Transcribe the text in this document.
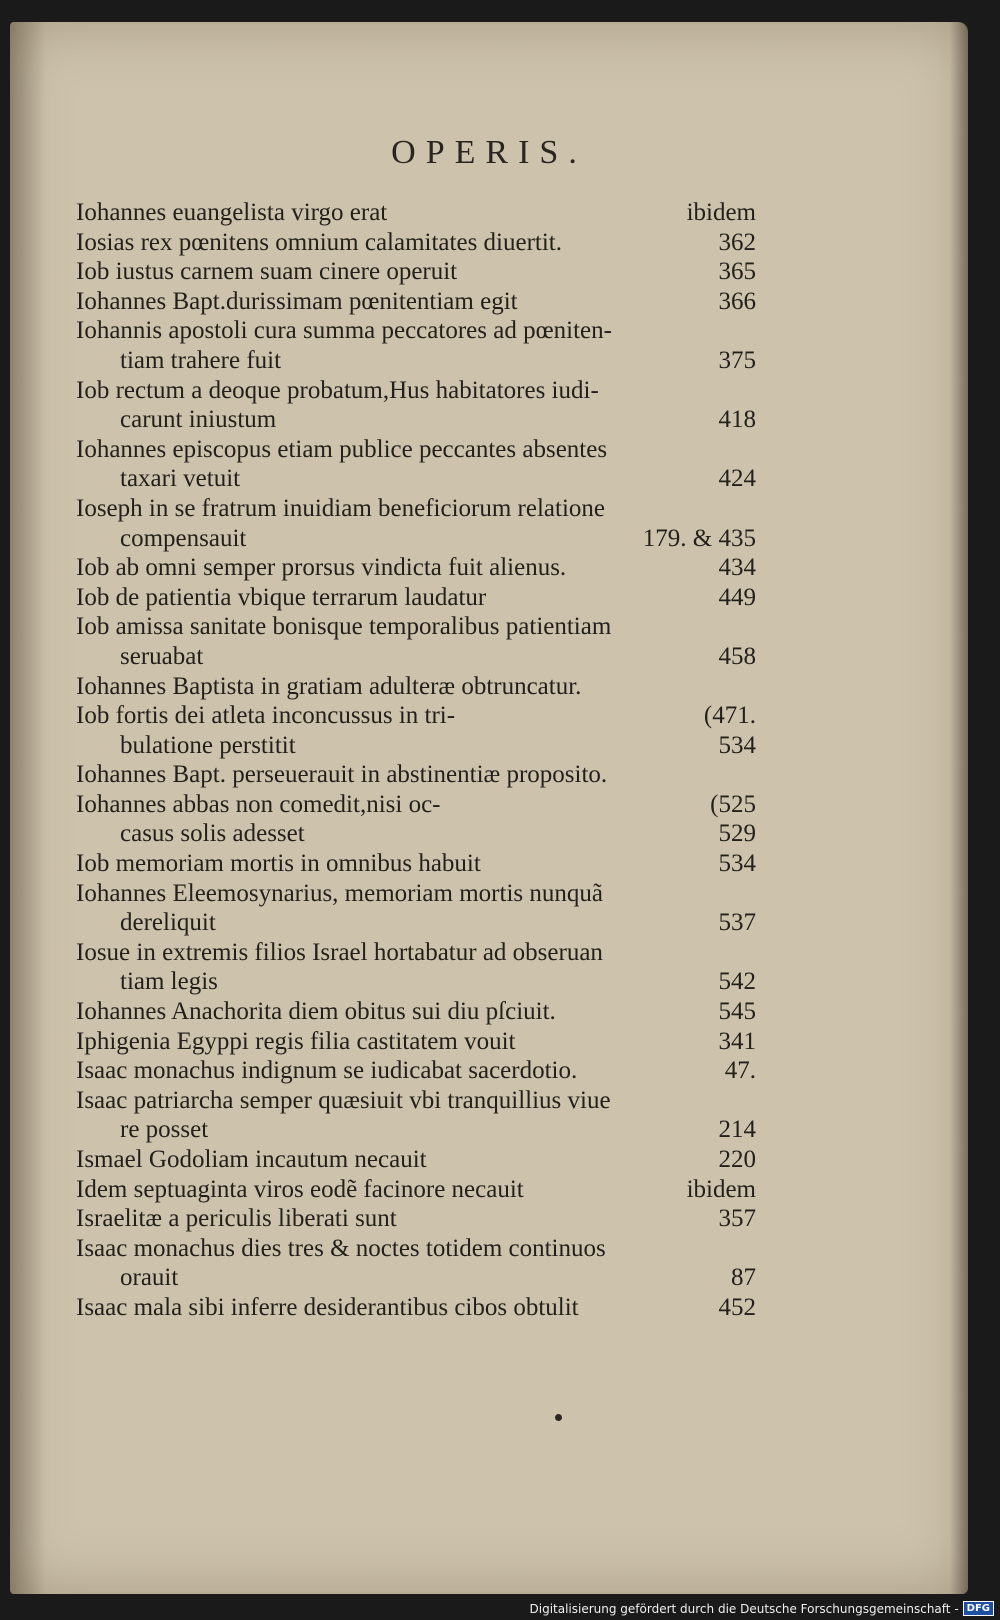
OPERIS.
Iohannes euangelista virgo erat	ibidem
Iosias rex pœnitens omnium calamitates diuertit.	362
Iob iustus carnem suam cinere operuit	365
Iohannes Bapt.durissimam pœnitentiam egit	366
Iohannis apostoli cura summa peccatores ad pœniten-
tiam trahere fuit	375
Iob rectum a deoque probatum,Hus habitatores iudi-
carunt iniustum	418
Iohannes episcopus etiam publice peccantes absentes
taxari vetuit	424
Ioseph in se fratrum inuidiam beneficiorum relatione
compensauit	179. & 435
Iob ab omni semper prorsus vindicta fuit alienus.	434
Iob de patientia vbique terrarum laudatur	449
Iob amissa sanitate bonisque temporalibus patientiam
seruabat	458
Iohannes Baptista in gratiam adulteræ obtruncatur.
Iob fortis dei atleta inconcussus in tri-	(471.
bulatione perstitit	534
Iohannes Bapt. perseuerauit in abstinentiæ proposito.
Iohannes abbas non comedit,nisi oc-	(525
casus solis adesset	529
Iob memoriam mortis in omnibus habuit	534
Iohannes Eleemosynarius, memoriam mortis nunquã
dereliquit	537
Iosue in extremis filios Israel hortabatur ad obseruan
tiam legis	542
Iohannes Anachorita diem obitus sui diu pſciuit.	545
Iphigenia Egyppi regis filia castitatem vouit	341
Isaac monachus indignum se iudicabat sacerdotio.	47.
Isaac patriarcha semper quæsiuit vbi tranquillius viue
re posset	214
Ismael Godoliam incautum necauit	220
Idem septuaginta viros eodẽ facinore necauit	ibidem
Israelitæ a periculis liberati sunt	357
Isaac monachus dies tres & noctes totidem continuos
orauit	87
Isaac mala sibi inferre desiderantibus cibos obtulit	452
Digitalisierung gefördert durch die Deutsche Forschungsgemeinschaft - DFG
